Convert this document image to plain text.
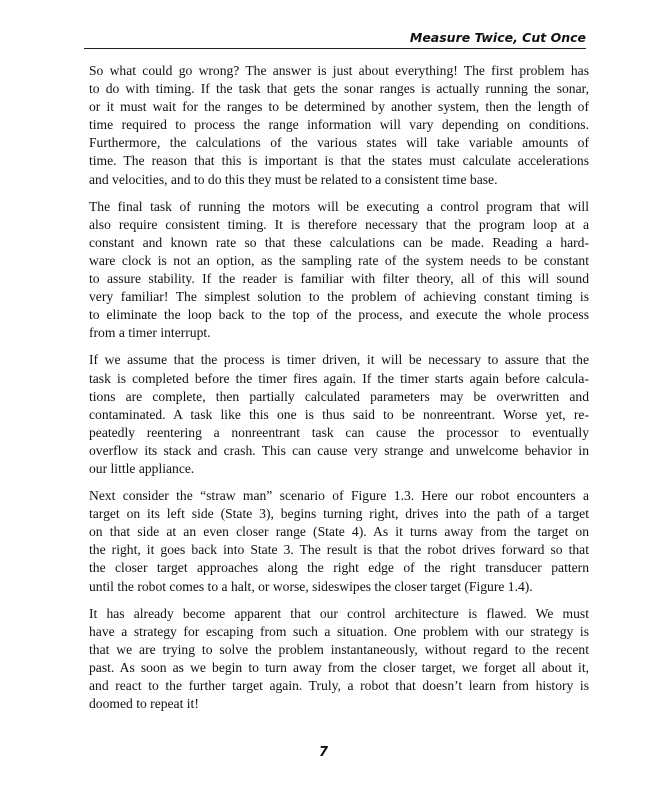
Measure Twice, Cut Once

So what could go wrong? The answer is just about everything! The first problem has
to do with timing. If the task that gets the sonar ranges is actually running the sonar,
or it must wait for the ranges to be determined by another system, then the length of
time required to process the range information will vary depending on conditions.
Furthermore, the calculations of the various states will take variable amounts of
time. The reason that this is important is that the states must calculate accelerations
and velocities, and to do this they must be related to a consistent time base.

The final task of running the motors will be executing a control program that will
also require consistent timing. It is therefore necessary that the program loop at a
constant and known rate so that these calculations can be made. Reading a hard-
ware clock is not an option, as the sampling rate of the system needs to be constant
to assure stability. If the reader is familiar with filter theory, all of this will sound
very familiar! The simplest solution to the problem of achieving constant timing is
to eliminate the loop back to the top of the process, and execute the whole process
from a timer interrupt.

If we assume that the process is timer driven, it will be necessary to assure that the
task is completed before the timer fires again. If the timer starts again before calcula-
tions are complete, then partially calculated parameters may be overwritten and
contaminated. A task like this one is thus said to be nonreentrant. Worse yet, re-
peatedly reentering a nonreentrant task can cause the processor to eventually
overflow its stack and crash. This can cause very strange and unwelcome behavior in
our little appliance.

Next consider the “straw man” scenario of Figure 1.3. Here our robot encounters a
target on its left side (State 3), begins turning right, drives into the path of a target
on that side at an even closer range (State 4). As it turns away from the target on
the right, it goes back into State 3. The result is that the robot drives forward so that
the closer target approaches along the right edge of the right transducer pattern
until the robot comes to a halt, or worse, sideswipes the closer target (Figure 1.4).

It has already become apparent that our control architecture is flawed. We must
have a strategy for escaping from such a situation. One problem with our strategy is
that we are trying to solve the problem instantaneously, without regard to the recent
past. As soon as we begin to turn away from the closer target, we forget all about it,
and react to the further target again. Truly, a robot that doesn’t learn from history is
doomed to repeat it!

7
